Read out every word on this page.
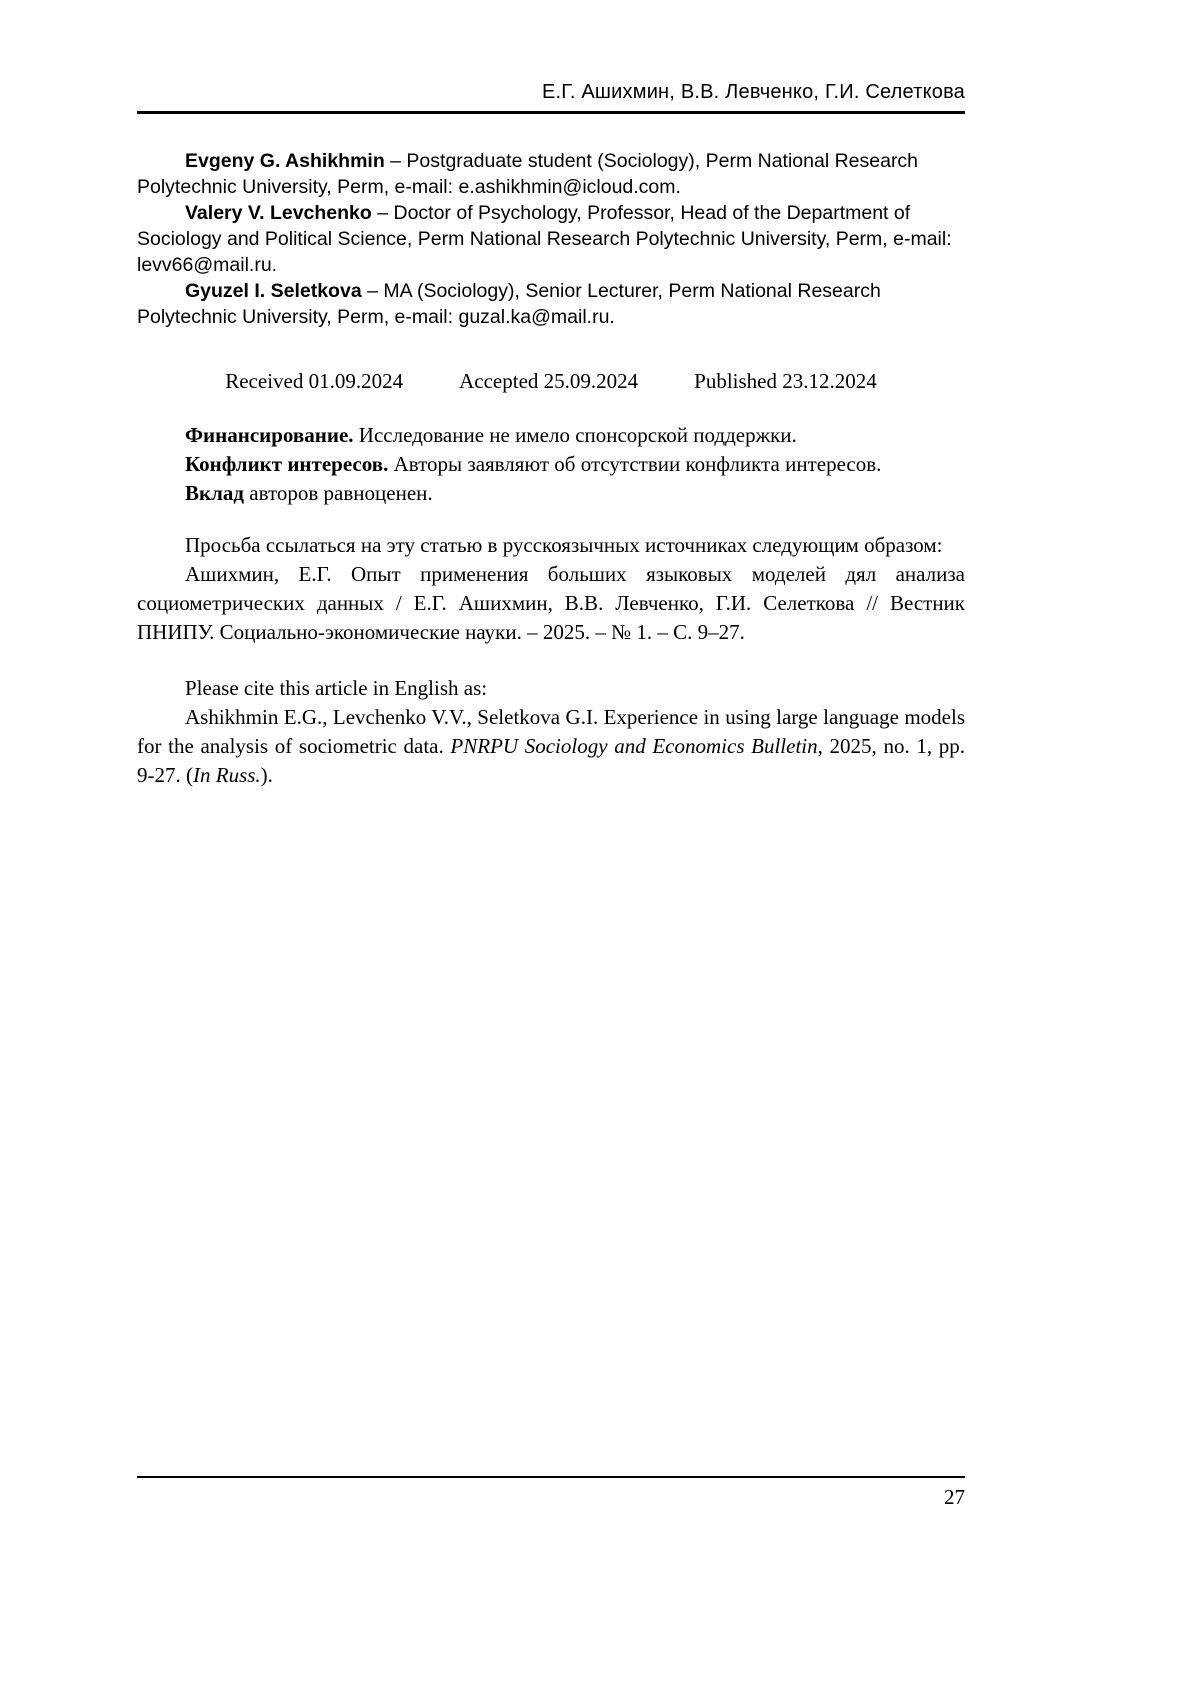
Е.Г. Ашихмин, В.В. Левченко, Г.И. Селеткова

Evgeny G. Ashikhmin – Postgraduate student (Sociology), Perm National Research Polytechnic University, Perm, e-mail: e.ashikhmin@icloud.com.

Valery V. Levchenko – Doctor of Psychology, Professor, Head of the Department of Sociology and Political Science, Perm National Research Polytechnic University, Perm, e-mail: levv66@mail.ru.

Gyuzel I. Seletkova – MA (Sociology), Senior Lecturer, Perm National Research Polytechnic University, Perm, e-mail: guzal.ka@mail.ru.

Received 01.09.2024	Accepted 25.09.2024	Published 23.12.2024

Финансирование. Исследование не имело спонсорской поддержки.

Конфликт интересов. Авторы заявляют об отсутствии конфликта интересов.

Вклад авторов равноценен.

Просьба ссылаться на эту статью в русскоязычных источниках следующим образом:

Ашихмин, Е.Г. Опыт применения больших языковых моделей дял анализа социометрических данных / Е.Г. Ашихмин, В.В. Левченко, Г.И. Селеткова // Вестник ПНИПУ. Социально-экономические науки. – 2025. – № 1. – С. 9–27.

Please cite this article in English as:

Ashikhmin E.G., Levchenko V.V., Seletkova G.I. Experience in using large language models for the analysis of sociometric data. PNRPU Sociology and Economics Bulletin, 2025, no. 1, pp. 9-27. (In Russ.).

27
